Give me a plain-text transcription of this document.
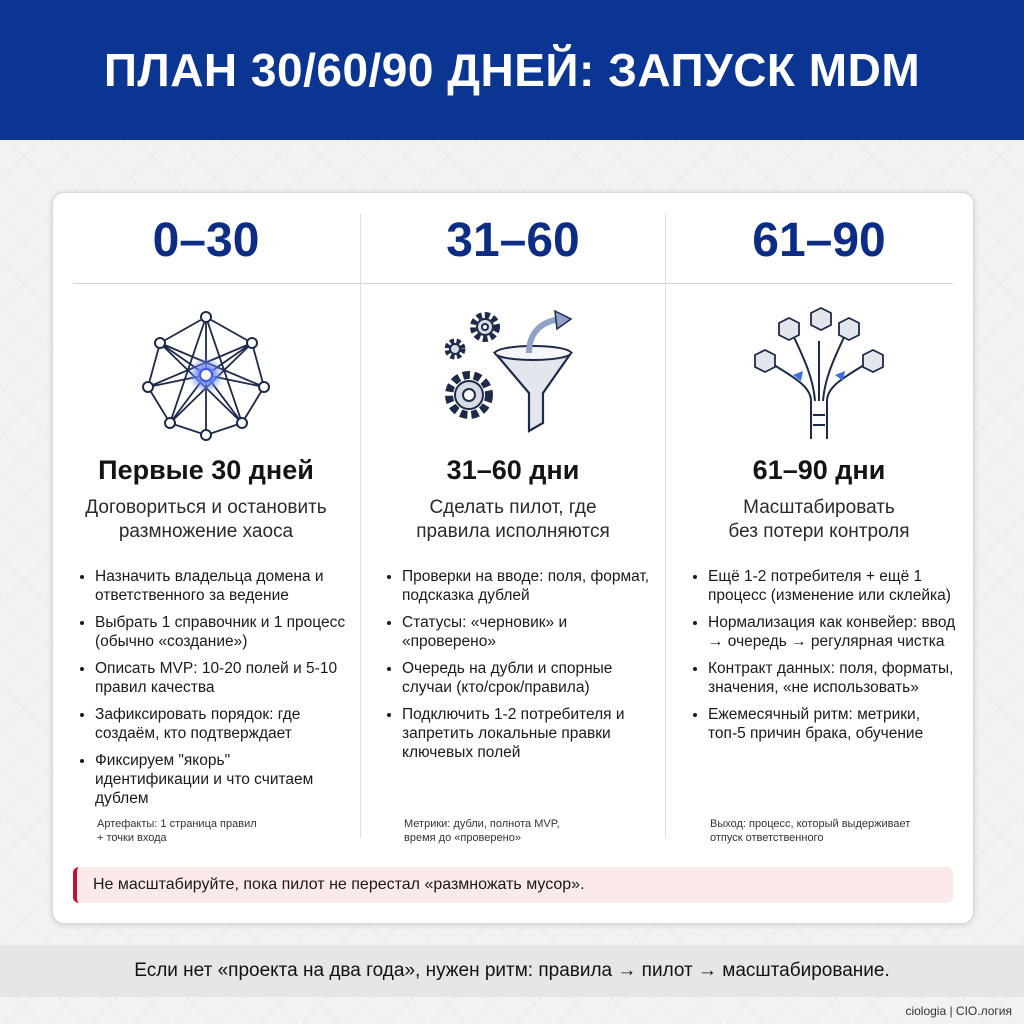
ПЛАН 30/60/90 ДНЕЙ: ЗАПУСК MDM
0–30
Первые 30 дней
Договориться и остановить
размножение хаоса
• Назначить владельца домена и ответственного за ведение
• Выбрать 1 справочник и 1 процесс (обычно «создание»)
• Описать MVP: 10-20 полей и 5-10 правил качества
• Зафиксировать порядок: где создаём, кто подтверждает
• Фиксируем "якорь" идентификации и что считаем дублем
Артефакты: 1 страница правил
+ точки входа
31–60
31–60 дни
Сделать пилот, где
правила исполняются
• Проверки на вводе: поля, формат, подсказка дублей
• Статусы: «черновик» и «проверено»
• Очередь на дубли и спорные случаи (кто/срок/правила)
• Подключить 1-2 потребителя и запретить локальные правки ключевых полей
Метрики: дубли, полнота MVP,
время до «проверено»
61–90
61–90 дни
Масштабировать
без потери контроля
• Ещё 1-2 потребителя + ещё 1 процесс (изменение или склейка)
• Нормализация как конвейер: ввод → очередь → регулярная чистка
• Контракт данных: поля, форматы, значения, «не использовать»
• Ежемесячный ритм: метрики, топ-5 причин брака, обучение
Выход: процесс, который выдерживает
отпуск ответственного
Не масштабируйте, пока пилот не перестал «размножать мусор».
Если нет «проекта на два года», нужен ритм: правила → пилот → масштабирование.
ciologia | CIO.логия
